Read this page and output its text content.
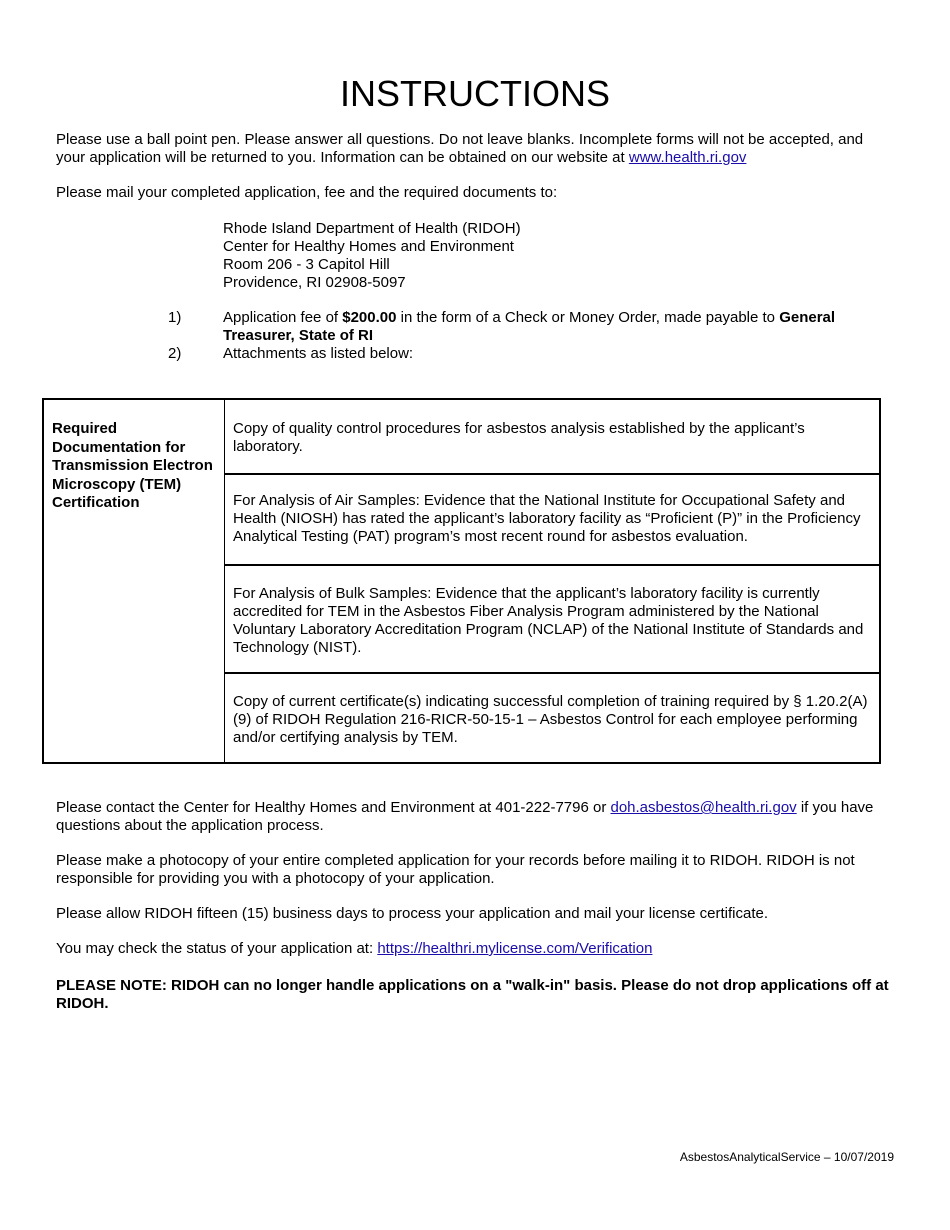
INSTRUCTIONS

Please use a ball point pen. Please answer all questions. Do not leave blanks. Incomplete forms will not be accepted, and your application will be returned to you. Information can be obtained on our website at www.health.ri.gov

Please mail your completed application, fee and the required documents to:

Rhode Island Department of Health (RIDOH)
Center for Healthy Homes and Environment
Room 206 - 3 Capitol Hill
Providence, RI 02908-5097
1)	Application fee of $200.00 in the form of a Check or Money Order, made payable to General Treasurer, State of RI
2)	Attachments as listed below:
Required Documentation for Transmission Electron Microscopy (TEM) Certification
Copy of quality control procedures for asbestos analysis established by the applicant’s laboratory.
For Analysis of Air Samples: Evidence that the National Institute for Occupational Safety and Health (NIOSH) has rated the applicant’s laboratory facility as “Proficient (P)” in the Proficiency Analytical Testing (PAT) program’s most recent round for asbestos evaluation.
For Analysis of Bulk Samples: Evidence that the applicant’s laboratory facility is currently accredited for TEM in the Asbestos Fiber Analysis Program administered by the National Voluntary Laboratory Accreditation Program (NCLAP) of the National Institute of Standards and Technology (NIST).
Copy of current certificate(s) indicating successful completion of training required by § 1.20.2(A)(9) of RIDOH Regulation 216-RICR-50-15-1 – Asbestos Control for each employee performing and/or certifying analysis by TEM.

Please contact the Center for Healthy Homes and Environment at 401-222-7796 or doh.asbestos@health.ri.gov if you have questions about the application process.

Please make a photocopy of your entire completed application for your records before mailing it to RIDOH. RIDOH is not responsible for providing you with a photocopy of your application.

Please allow RIDOH fifteen (15) business days to process your application and mail your license certificate.

You may check the status of your application at: https://healthri.mylicense.com/Verification

PLEASE NOTE: RIDOH can no longer handle applications on a "walk-in" basis. Please do not drop applications off at RIDOH.

AsbestosAnalyticalService – 10/07/2019
